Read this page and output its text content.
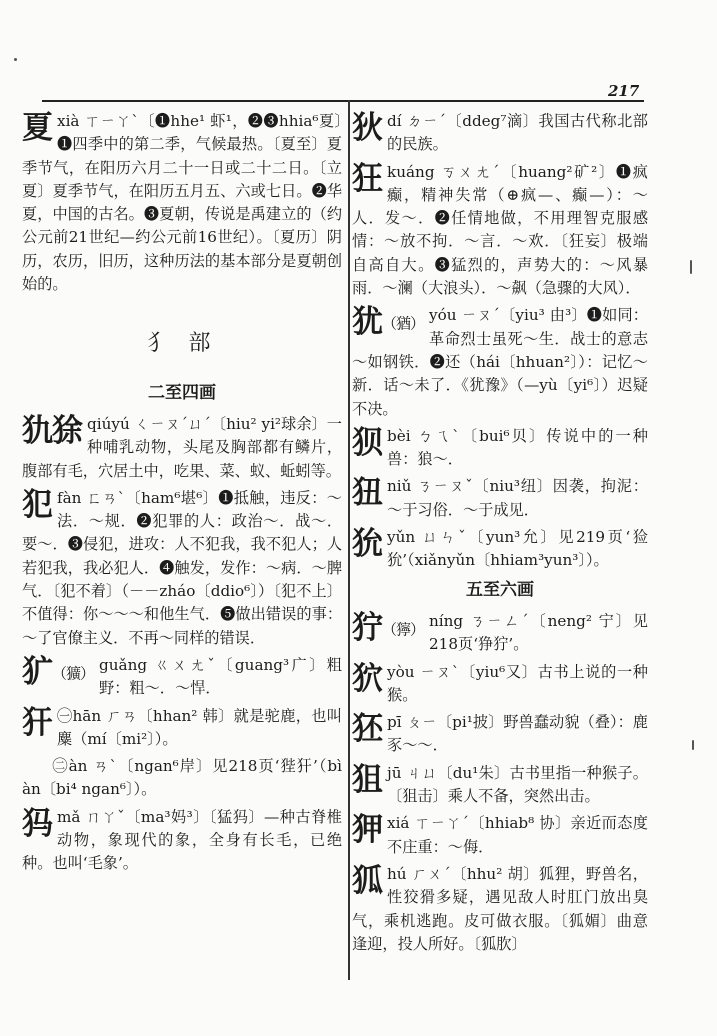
217
夏 xià ㄒㄧㄚˋ〔❶hhe¹ 虾¹，❷❸hhia⁶夏〕❶四季中的第二季，气候最热。〔夏至〕夏季节气，在阳历六月二十一日或二十二日。〔立夏〕夏季节气，在阳历五月五、六或七日。❷华夏，中国的古名。❸夏朝，传说是禹建立的（约公元前21世纪—约公元前16世纪）。〔夏历〕阴历，农历，旧历，这种历法的基本部分是夏朝创始的。
犭 部
二至四画
犰狳 qiúyú ㄑㄧㄡˊㄩˊ〔hiu² yi²球余〕一种哺乳动物，头尾及胸部都有鳞片，腹部有毛，穴居土中，吃果、菜、蚁、蚯蚓等。
犯 fàn ㄈㄢˋ〔ham⁶堪⁶〕❶抵触，违反：～法．～规．❷犯罪的人：政治～．战～．要～．❸侵犯，进攻：人不犯我，我不犯人；人若犯我，我必犯人．❹触发，发作：～病．～脾气．〔犯不着〕（－－zháo〔ddio⁶〕）〔犯不上〕不值得：你～～～和他生气．❺做出错误的事：～了官僚主义．不再～同样的错误．
犷（獷） guǎng ㄍㄨㄤˇ〔guang³广〕粗野：粗～．～悍．
犴 ㊀hān ㄏㄢ〔hhan² 韩〕就是驼鹿，也叫麋（mí〔mi²〕）。
㊁àn ㄢˋ〔ngan⁶岸〕见218页‘狴犴’（bì àn〔bi⁴ ngan⁶〕）。
犸 mǎ ㄇㄚˇ〔ma³妈³〕〔猛犸〕—种古脊椎动物，象现代的象，全身有长毛，已绝种。也叫‘毛象’。
狄 dí ㄉㄧˊ〔ddeg⁷滴〕我国古代称北部的民族。
狂 kuáng ㄎㄨㄤˊ〔huang²矿²〕❶疯癫，精神失常（⊕疯—、癫—）：～人．发～．❷任情地做，不用理智克服感情：～放不拘．～言．～欢．〔狂妄〕极端自高自大。❸猛烈的，声势大的：～风暴雨．～澜（大浪头）．～飙（急骤的大风）．
犹（猶） yóu ㄧㄡˊ〔yiu³ 由³〕❶如同：革命烈士虽死～生．战士的意志～如钢铁．❷还（hái〔hhuan²〕）：记忆～新．话～未了．《犹豫》（—yù〔yi⁶〕）迟疑不决。
狈 bèi ㄅㄟˋ〔bui⁶贝〕传说中的一种兽：狼～．
狃 niǔ ㄋㄧㄡˇ〔niu³纽〕因袭，拘泥：～于习俗．～于成见．
狁 yǔn ㄩㄣˇ〔yun³允〕见219页‘猃狁’（xiǎnyǔn〔hhiam³yun³〕）。
五至六画
狞（獰） níng ㄋㄧㄥˊ〔neng² 宁〕见218页‘狰狞’。
狖 yòu ㄧㄡˋ〔yiu⁶又〕古书上说的一种猴。
狉 pī ㄆㄧ〔pi¹披〕野兽蠢动貌（叠）：鹿豕～～．
狙 jū ㄐㄩ〔du¹朱〕古书里指一种猴子。〔狙击〕乘人不备，突然出击。
狎 xiá ㄒㄧㄚˊ〔hhiab⁸ 协〕亲近而态度不庄重：～侮．
狐 hú ㄏㄨˊ〔hhu² 胡〕狐狸，野兽名，性狡猾多疑，遇见敌人时肛门放出臭气，乘机逃跑。皮可做衣服。〔狐媚〕曲意逢迎，投人所好。〔狐肷〕
